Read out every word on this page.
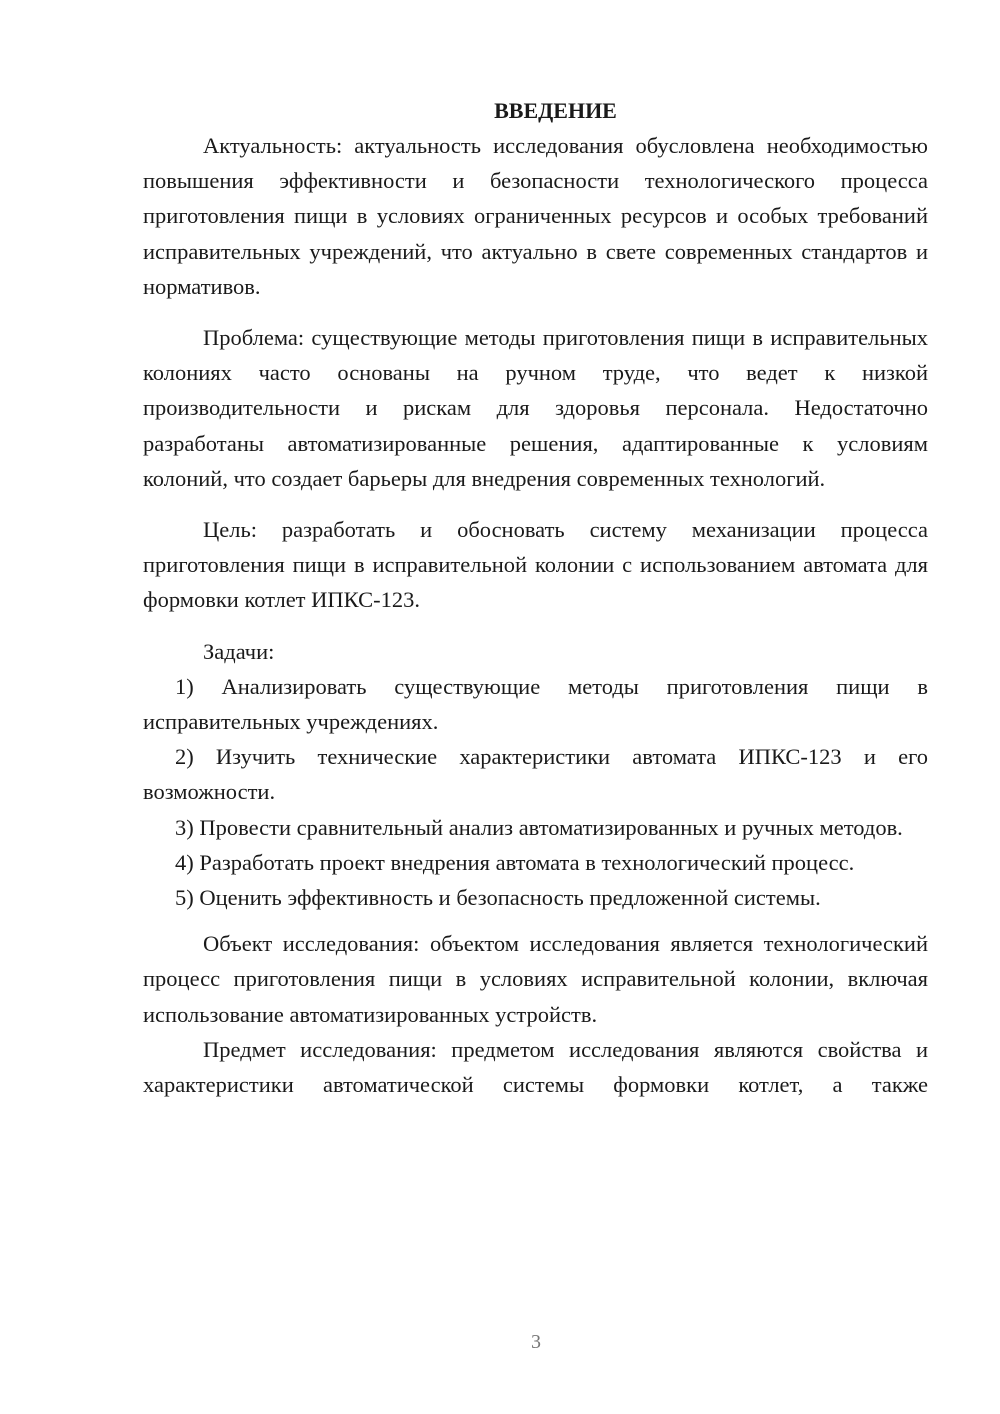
ВВЕДЕНИЕ

Актуальность: актуальность исследования обусловлена необходимостью повышения эффективности и безопасности технологического процесса приготовления пищи в условиях ограниченных ресурсов и особых требований исправительных учреждений, что актуально в свете современных стандартов и нормативов.

Проблема: существующие методы приготовления пищи в исправительных колониях часто основаны на ручном труде, что ведет к низкой производительности и рискам для здоровья персонала. Недостаточно разработаны автоматизированные решения, адаптированные к условиям колоний, что создает барьеры для внедрения современных технологий.

Цель: разработать и обосновать систему механизации процесса приготовления пищи в исправительной колонии с использованием автомата для формовки котлет ИПКС-123.

Задачи:

1) Анализировать существующие методы приготовления пищи в исправительных учреждениях.

2) Изучить технические характеристики автомата ИПКС-123 и его возможности.

3) Провести сравнительный анализ автоматизированных и ручных методов.

4) Разработать проект внедрения автомата в технологический процесс.

5) Оценить эффективность и безопасность предложенной системы.

Объект исследования: объектом исследования является технологический процесс приготовления пищи в условиях исправительной колонии, включая использование автоматизированных устройств.

Предмет исследования: предметом исследования являются свойства и характеристики автоматической системы формовки котлет, а также

3
